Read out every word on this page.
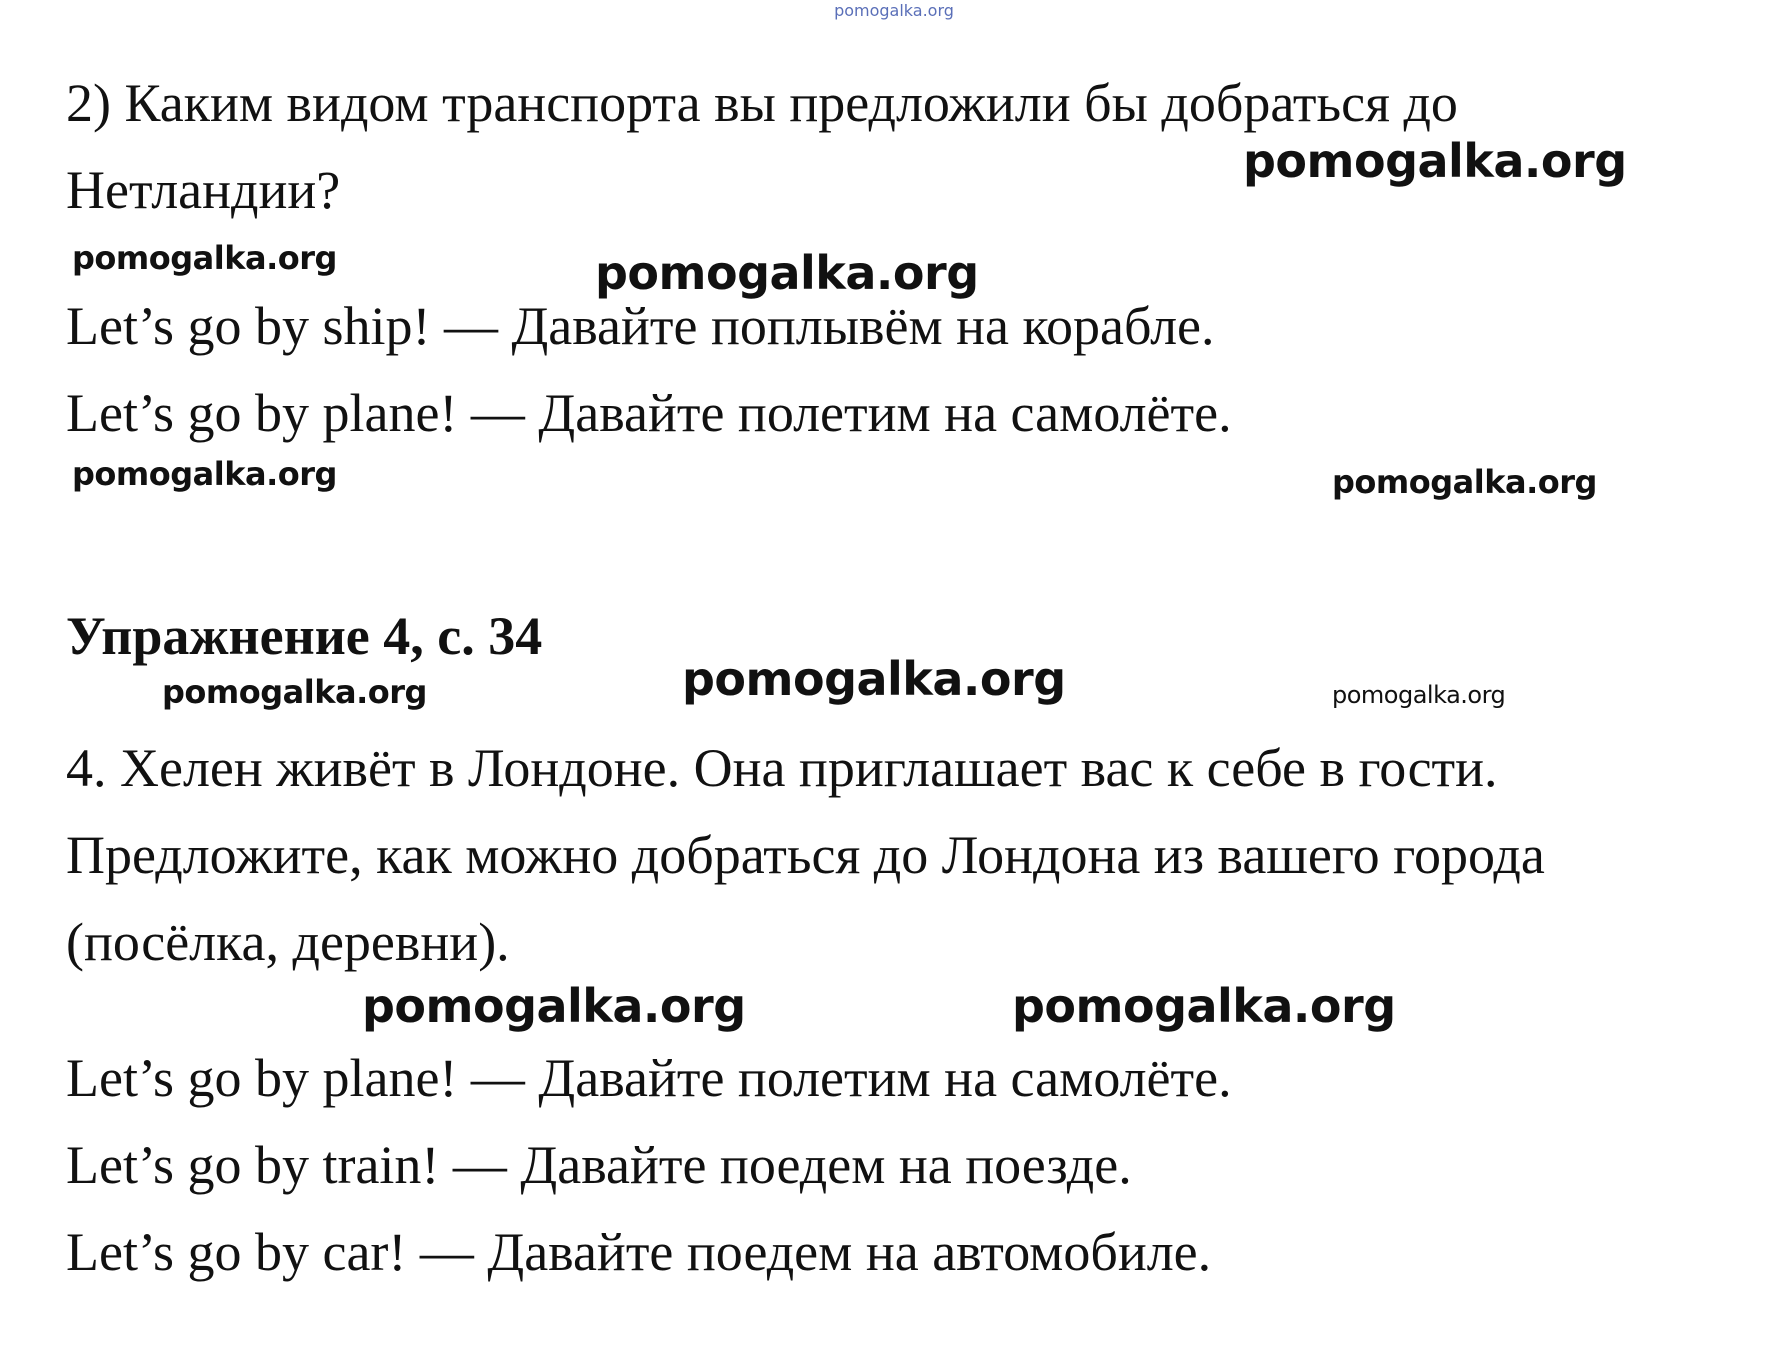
pomogalka.org
2) Каким видом транспорта вы предложили бы добраться до
pomogalka.org
Нетландии?
pomogalka.org	pomogalka.org
Let’s go by ship! — Давайте поплывём на корабле.
Let’s go by plane! — Давайте полетим на самолёте.
pomogalka.org	pomogalka.org
Упражнение 4, с. 34
pomogalka.org	pomogalka.org	pomogalka.org
4. Хелен живёт в Лондоне. Она приглашает вас к себе в гости.
Предложите, как можно добраться до Лондона из вашего города
(посёлка, деревни).
pomogalka.org	pomogalka.org
Let’s go by plane! — Давайте полетим на самолёте.
Let’s go by train! — Давайте поедем на поезде.
Let’s go by car! — Давайте поедем на автомобиле.
